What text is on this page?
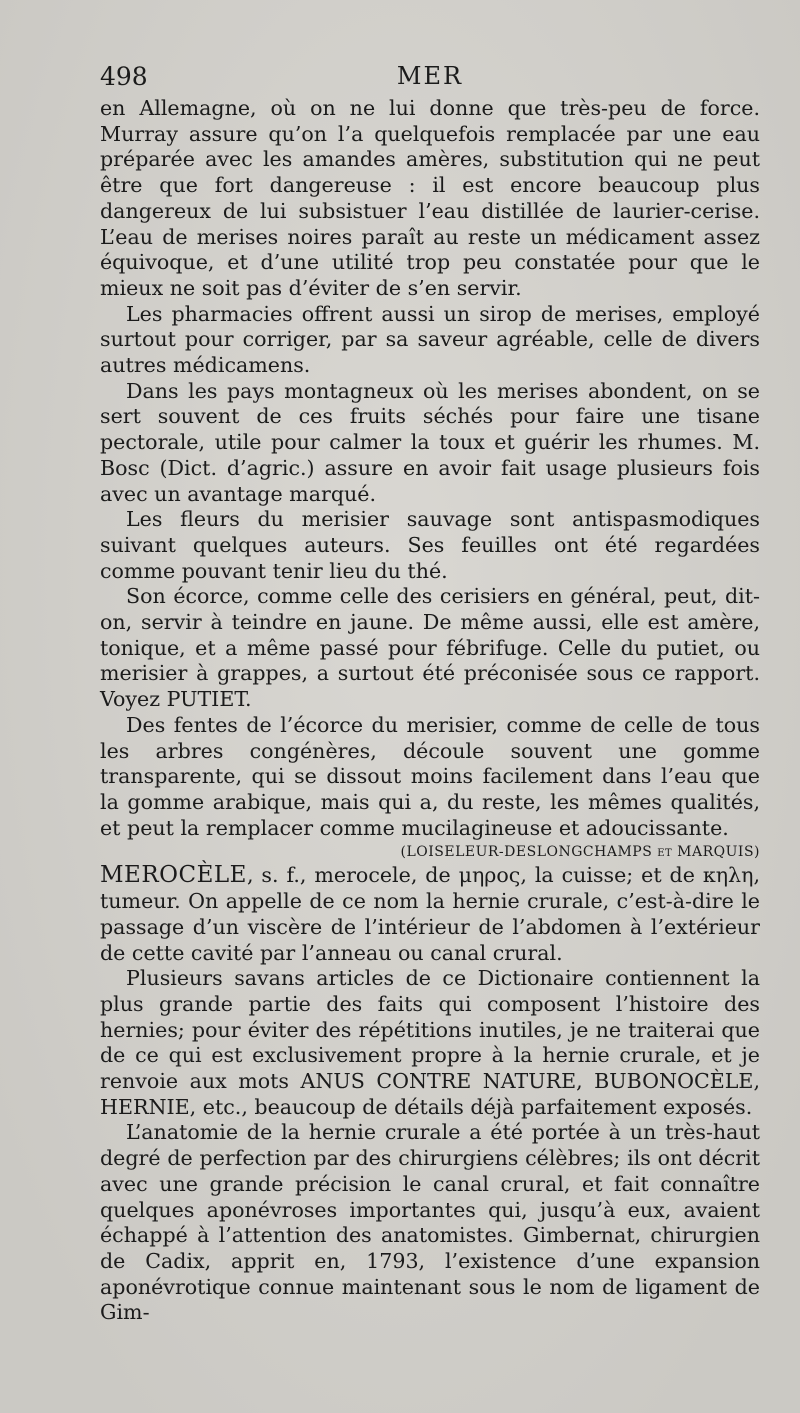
498	MER

en Allemagne, où on ne lui donne que très-peu de force. Murray assure qu’on l’a quelquefois remplacée par une eau préparée avec les amandes amères, substitution qui ne peut être que fort dangereuse : il est encore beaucoup plus dangereux de lui subsistuer l’eau distillée de laurier-cerise. L’eau de merises noires paraît au reste un médicament assez équivoque, et d’une utilité trop peu constatée pour que le mieux ne soit pas d’éviter de s’en servir.

Les pharmacies offrent aussi un sirop de merises, employé surtout pour corriger, par sa saveur agréable, celle de divers autres médicamens.

Dans les pays montagneux où les merises abondent, on se sert souvent de ces fruits séchés pour faire une tisane pectorale, utile pour calmer la toux et guérir les rhumes. M. Bosc (Dict. d’agric.) assure en avoir fait usage plusieurs fois avec un avantage marqué.

Les fleurs du merisier sauvage sont antispasmodiques suivant quelques auteurs. Ses feuilles ont été regardées comme pouvant tenir lieu du thé.

Son écorce, comme celle des cerisiers en général, peut, dit-on, servir à teindre en jaune. De même aussi, elle est amère, tonique, et a même passé pour fébrifuge. Celle du putiet, ou merisier à grappes, a surtout été préconisée sous ce rapport. Voyez PUTIET.

Des fentes de l’écorce du merisier, comme de celle de tous les arbres congénères, découle souvent une gomme transparente, qui se dissout moins facilement dans l’eau que la gomme arabique, mais qui a, du reste, les mêmes qualités, et peut la remplacer comme mucilagineuse et adoucissante.

(LOISELEUR-DESLONGCHAMPS et MARQUIS)

MEROCÈLE, s. f., merocele, de μηρος, la cuisse; et de κηλη, tumeur. On appelle de ce nom la hernie crurale, c’est-à-dire le passage d’un viscère de l’intérieur de l’abdomen à l’extérieur de cette cavité par l’anneau ou canal crural.

Plusieurs savans articles de ce Dictionaire contiennent la plus grande partie des faits qui composent l’histoire des hernies; pour éviter des répétitions inutiles, je ne traiterai que de ce qui est exclusivement propre à la hernie crurale, et je renvoie aux mots ANUS CONTRE NATURE, BUBONOCÈLE, HERNIE, etc., beaucoup de détails déjà parfaitement exposés.

L’anatomie de la hernie crurale a été portée à un très-haut degré de perfection par des chirurgiens célèbres; ils ont décrit avec une grande précision le canal crural, et fait connaître quelques aponévroses importantes qui, jusqu’à eux, avaient échappé à l’attention des anatomistes. Gimbernat, chirurgien de Cadix, apprit en, 1793, l’existence d’une expansion aponévrotique connue maintenant sous le nom de ligament de Gim-
